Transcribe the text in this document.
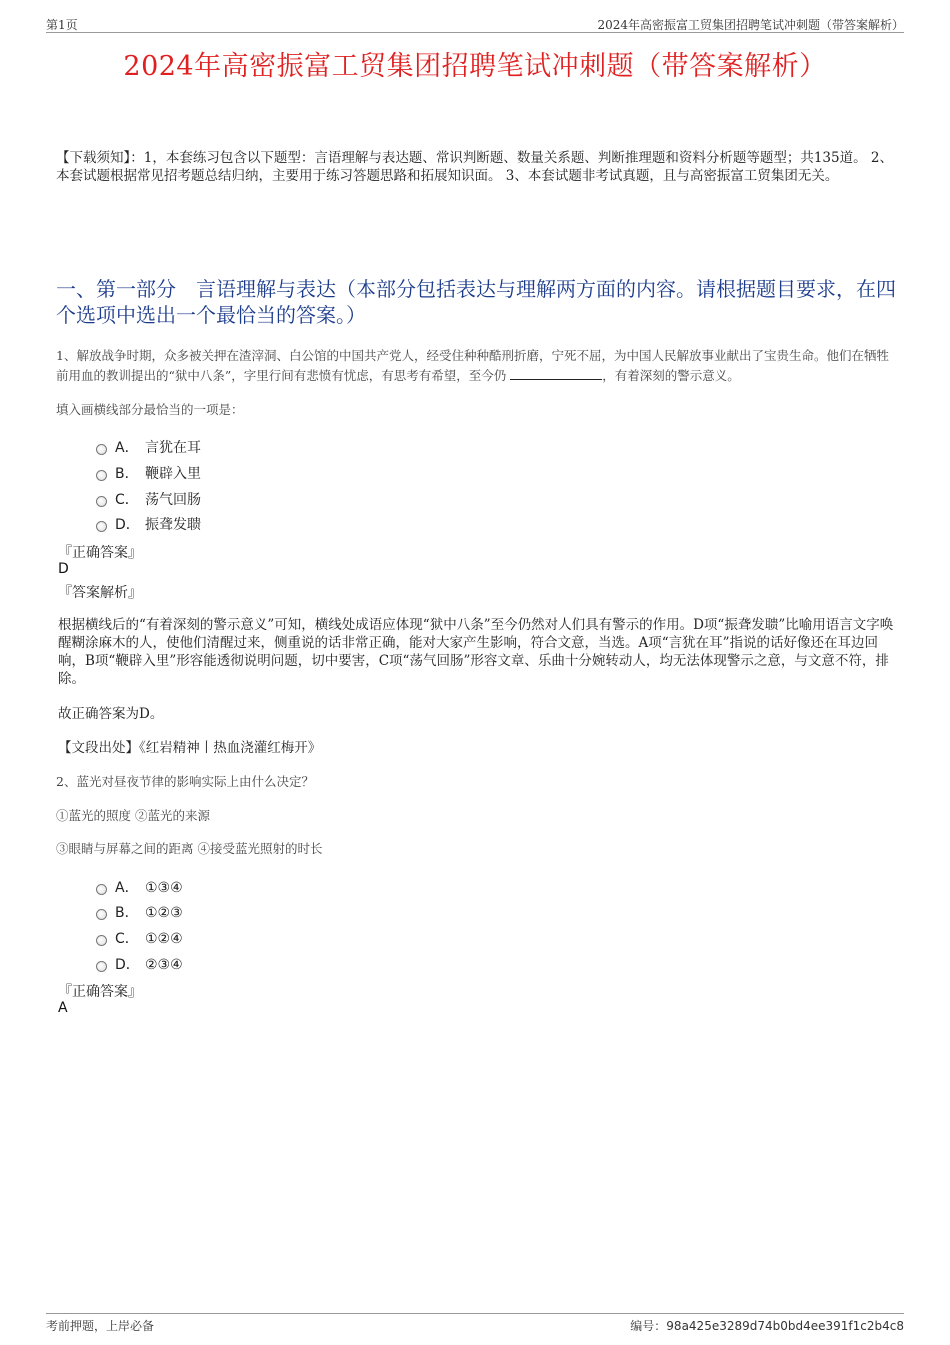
第1页	2024年高密振富工贸集团招聘笔试冲刺题（带答案解析）
2024年高密振富工贸集团招聘笔试冲刺题（带答案解析）
【下载须知】：1，本套练习包含以下题型：言语理解与表达题、常识判断题、数量关系题、判断推理题和资料分析题等题型；共135道。 2、本套试题根据常见招考题总结归纳，主要用于练习答题思路和拓展知识面。 3、本套试题非考试真题，且与高密振富工贸集团无关。
一、第一部分　言语理解与表达（本部分包括表达与理解两方面的内容。请根据题目要求，在四个选项中选出一个最恰当的答案。）
1、解放战争时期，众多被关押在渣滓洞、白公馆的中国共产党人，经受住种种酷刑折磨，宁死不屈，为中国人民解放事业献出了宝贵生命。他们在牺牲前用血的教训提出的“狱中八条”，字里行间有悲愤有忧虑，有思考有希望，至今仍	，有着深刻的警示意义。
填入画横线部分最恰当的一项是：
A． 言犹在耳
B． 鞭辟入里
C． 荡气回肠
D． 振聋发聩
『正确答案』
D
『答案解析』
根据横线后的“有着深刻的警示意义”可知，横线处成语应体现“狱中八条”至今仍然对人们具有警示的作用。D项“振聋发聩”比喻用语言文字唤醒糊涂麻木的人，使他们清醒过来，侧重说的话非常正确，能对大家产生影响，符合文意，当选。A项“言犹在耳”指说的话好像还在耳边回响，B项“鞭辟入里”形容能透彻说明问题，切中要害，C项“荡气回肠”形容文章、乐曲十分婉转动人，均无法体现警示之意，与文意不符，排除。
故正确答案为D。
【文段出处】《红岩精神丨热血浇灌红梅开》
2、蓝光对昼夜节律的影响实际上由什么决定？
①蓝光的照度 ②蓝光的来源
③眼睛与屏幕之间的距离 ④接受蓝光照射的时长
A． ①③④
B． ①②③
C． ①②④
D． ②③④
『正确答案』
A
考前押题，上岸必备	编号：98a425e3289d74b0bd4ee391f1c2b4c8
